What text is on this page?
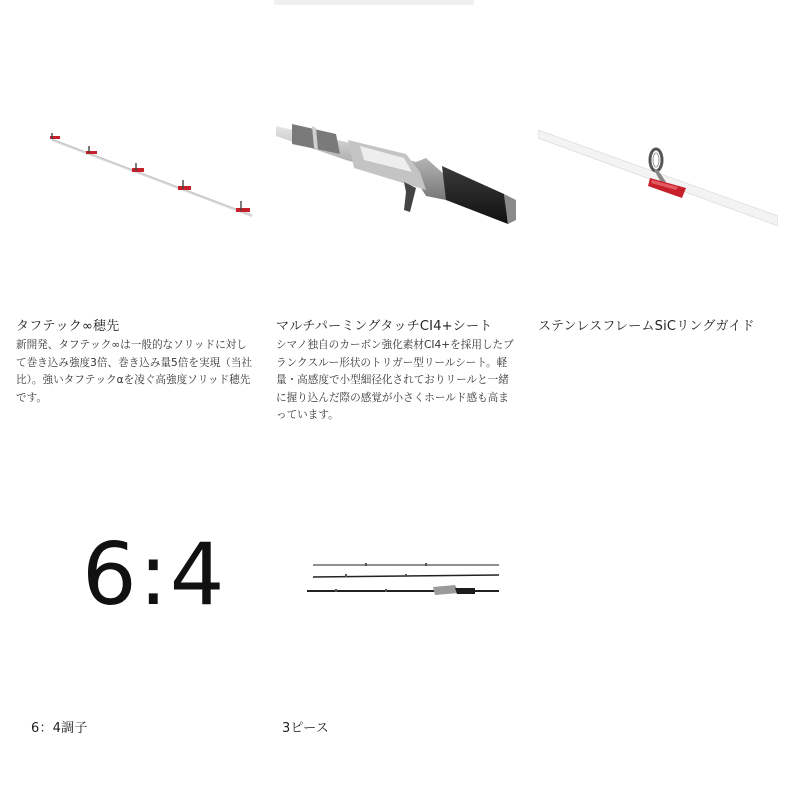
タフテック∞穂先
新開発、タフテック∞は一般的なソリッドに対して巻き込み強度3倍、巻き込み量5倍を実現（当社比）。強いタフテックαを凌ぐ高強度ソリッド穂先です。
マルチパーミングタッチCI4+シート
シマノ独自のカーボン強化素材CI4+を採用したブランクスルー形状のトリガー型リールシート。軽量・高感度で小型細径化されておりリールと一緒に握り込んだ際の感覚が小さくホールド感も高まっています。
ステンレスフレームSiCリングガイド
6:4
6：4調子	3ピース
